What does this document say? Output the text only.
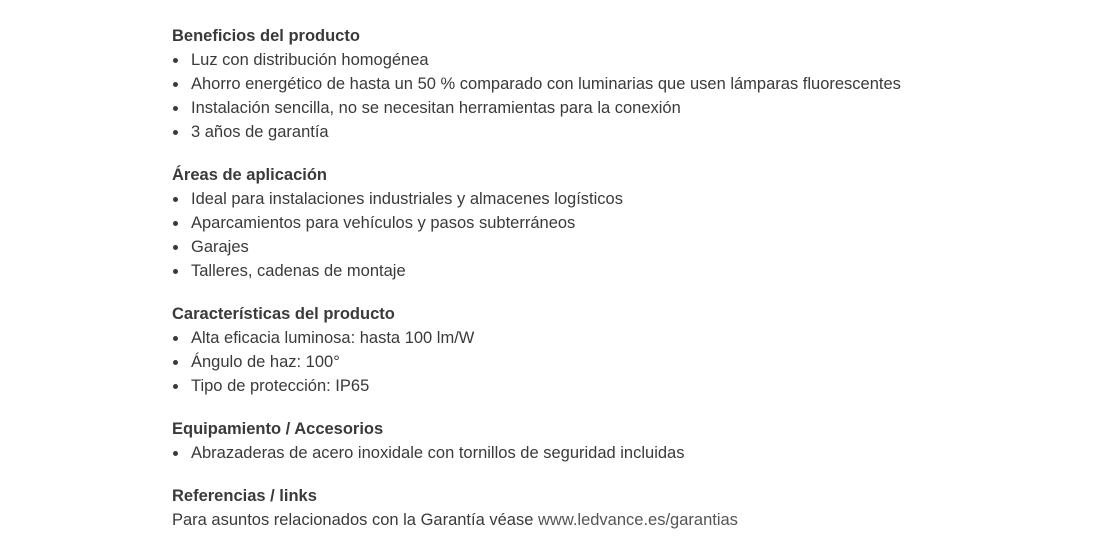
Beneficios del producto
Luz con distribución homogénea
Ahorro energético de hasta un 50 % comparado con luminarias que usen lámparas fluorescentes
Instalación sencilla, no se necesitan herramientas para la conexión
3 años de garantía
Áreas de aplicación
Ideal para instalaciones industriales y almacenes logísticos
Aparcamientos para vehículos y pasos subterráneos
Garajes
Talleres, cadenas de montaje
Características del producto
Alta eficacia luminosa: hasta 100 lm/W
Ángulo de haz: 100°
Tipo de protección: IP65
Equipamiento / Accesorios
Abrazaderas de acero inoxidale con tornillos de seguridad incluidas
Referencias / links

Para asuntos relacionados con la Garantía véase www.ledvance.es/garantias
